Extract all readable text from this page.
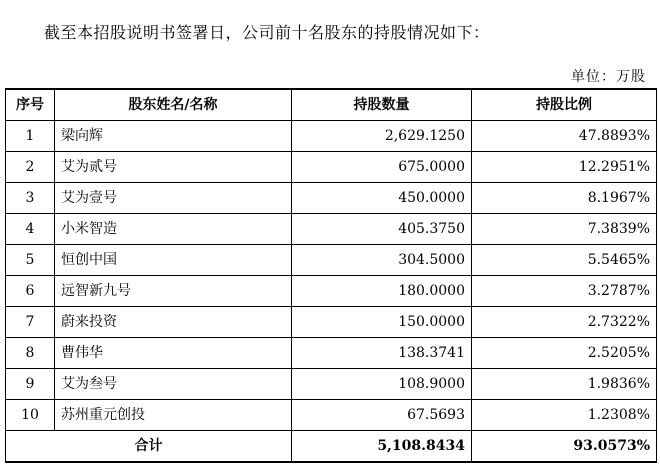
截至本招股说明书签署日，公司前十名股东的持股情况如下：
单位：万股
序号	股东姓名/名称	持股数量	持股比例
1	梁向辉	2,629.1250	47.8893%
2	艾为贰号	675.0000	12.2951%
3	艾为壹号	450.0000	8.1967%
4	小米智造	405.3750	7.3839%
5	恒创中国	304.5000	5.5465%
6	远智新九号	180.0000	3.2787%
7	蔚来投资	150.0000	2.7322%
8	曹伟华	138.3741	2.5205%
9	艾为叁号	108.9000	1.9836%
10	苏州重元创投	67.5693	1.2308%
合计		5,108.8434	93.0573%
